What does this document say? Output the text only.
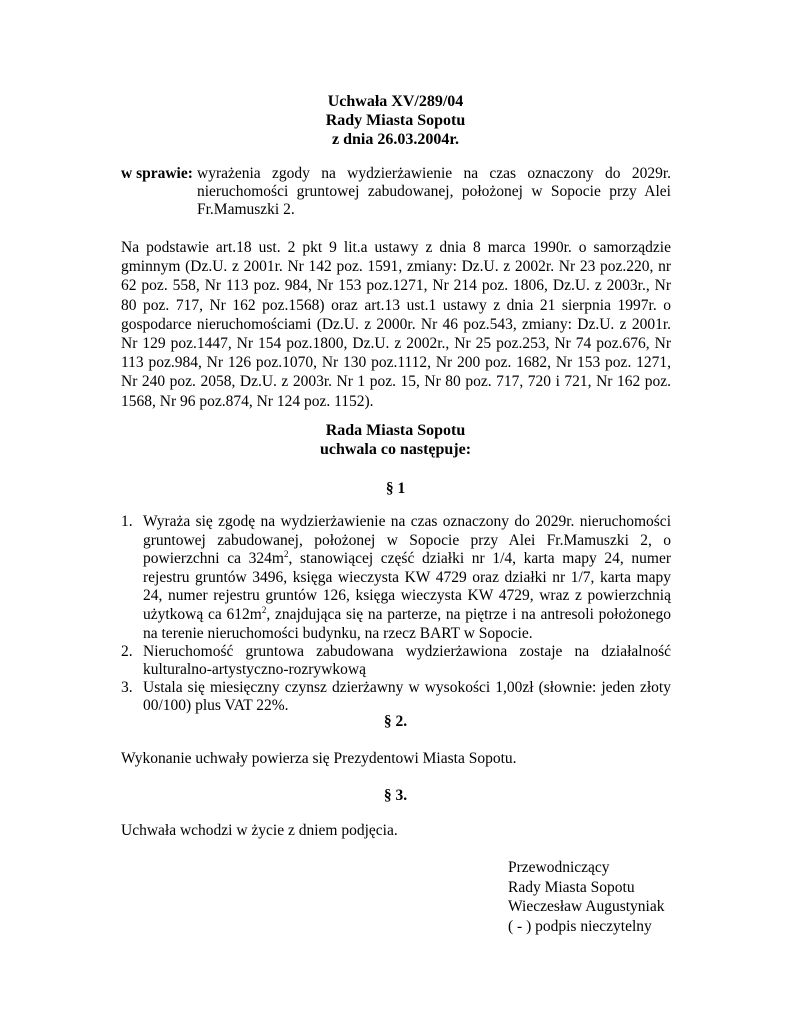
Uchwała XV/289/04
Rady Miasta Sopotu
z dnia 26.03.2004r.
w sprawie: wyrażenia zgody na wydzierżawienie na czas oznaczony do 2029r. nieruchomości gruntowej zabudowanej, położonej w Sopocie przy Alei Fr.Mamuszki 2.
Na podstawie art.18 ust. 2 pkt 9 lit.a ustawy z dnia 8 marca 1990r. o samorządzie gminnym (Dz.U. z 2001r. Nr 142 poz. 1591, zmiany: Dz.U. z 2002r. Nr 23 poz.220, nr 62 poz. 558, Nr 113 poz. 984, Nr 153 poz.1271, Nr 214 poz. 1806, Dz.U. z 2003r., Nr 80 poz. 717, Nr 162 poz.1568) oraz art.13 ust.1 ustawy z dnia 21 sierpnia 1997r. o gospodarce nieruchomościami (Dz.U. z 2000r. Nr 46 poz.543, zmiany: Dz.U. z 2001r. Nr 129 poz.1447, Nr 154 poz.1800, Dz.U. z 2002r., Nr 25 poz.253, Nr 74 poz.676, Nr 113 poz.984, Nr 126 poz.1070, Nr 130 poz.1112, Nr 200 poz. 1682, Nr 153 poz. 1271, Nr 240 poz. 2058, Dz.U. z 2003r. Nr 1 poz. 15, Nr 80 poz. 717, 720 i 721, Nr 162 poz. 1568, Nr 96 poz.874, Nr 124 poz. 1152).
Rada Miasta Sopotu
uchwala co następuje:
§ 1
1. Wyraża się zgodę na wydzierżawienie na czas oznaczony do 2029r. nieruchomości gruntowej zabudowanej, położonej w Sopocie przy Alei Fr.Mamuszki 2, o powierzchni ca $324m^2$, stanowiącej część działki nr 1/4, karta mapy 24, numer rejestru gruntów 3496, księga wieczysta KW 4729 oraz działki nr 1/7, karta mapy 24, numer rejestru gruntów 126, księga wieczysta KW 4729, wraz z powierzchnią użytkową ca $612m^2$, znajdująca się na parterze, na piętrze i na antresoli położonego na terenie nieruchomości budynku, na rzecz BART w Sopocie.
2. Nieruchomość gruntowa zabudowana wydzierżawiona zostaje na działalność kulturalno-artystyczno-rozrywkową
3. Ustala się miesięczny czynsz dzierżawny w wysokości 1,00zł (słownie: jeden złoty 00/100) plus VAT 22%.
§ 2.
Wykonanie uchwały powierza się Prezydentowi Miasta Sopotu.
§ 3.
Uchwała wchodzi w życie z dniem podjęcia.
Przewodniczący
Rady Miasta Sopotu
Wieczesław Augustyniak
( - ) podpis nieczytelny
